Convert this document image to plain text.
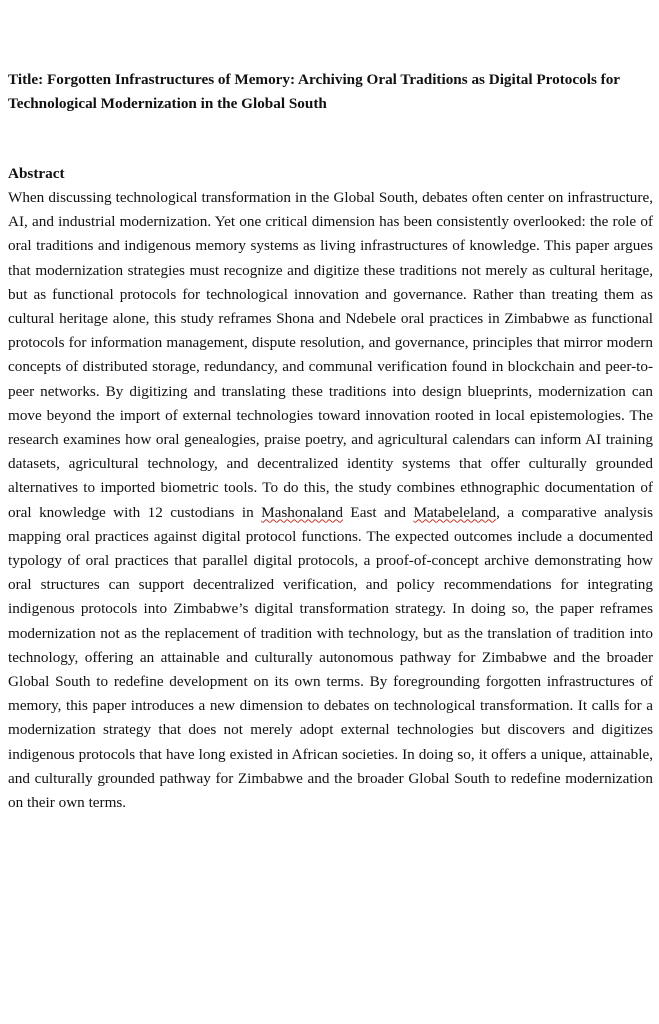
Title: Forgotten Infrastructures of Memory: Archiving Oral Traditions as Digital Protocols for Technological Modernization in the Global South
Abstract

When discussing technological transformation in the Global South, debates often center on infrastructure, AI, and industrial modernization. Yet one critical dimension has been consistently overlooked: the role of oral traditions and indigenous memory systems as living infrastructures of knowledge. This paper argues that modernization strategies must recognize and digitize these traditions not merely as cultural heritage, but as functional protocols for technological innovation and governance. Rather than treating them as cultural heritage alone, this study reframes Shona and Ndebele oral practices in Zimbabwe as functional protocols for information management, dispute resolution, and governance, principles that mirror modern concepts of distributed storage, redundancy, and communal verification found in blockchain and peer-to-peer networks. By digitizing and translating these traditions into design blueprints, modernization can move beyond the import of external technologies toward innovation rooted in local epistemologies. The research examines how oral genealogies, praise poetry, and agricultural calendars can inform AI training datasets, agricultural technology, and decentralized identity systems that offer culturally grounded alternatives to imported biometric tools. To do this, the study combines ethnographic documentation of oral knowledge with 12 custodians in Mashonaland East and Matabeleland, a comparative analysis mapping oral practices against digital protocol functions. The expected outcomes include a documented typology of oral practices that parallel digital protocols, a proof-of-concept archive demonstrating how oral structures can support decentralized verification, and policy recommendations for integrating indigenous protocols into Zimbabwe’s digital transformation strategy. In doing so, the paper reframes modernization not as the replacement of tradition with technology, but as the translation of tradition into technology, offering an attainable and culturally autonomous pathway for Zimbabwe and the broader Global South to redefine development on its own terms. By foregrounding forgotten infrastructures of memory, this paper introduces a new dimension to debates on technological transformation. It calls for a modernization strategy that does not merely adopt external technologies but discovers and digitizes indigenous protocols that have long existed in African societies. In doing so, it offers a unique, attainable, and culturally grounded pathway for Zimbabwe and the broader Global South to redefine modernization on their own terms.
